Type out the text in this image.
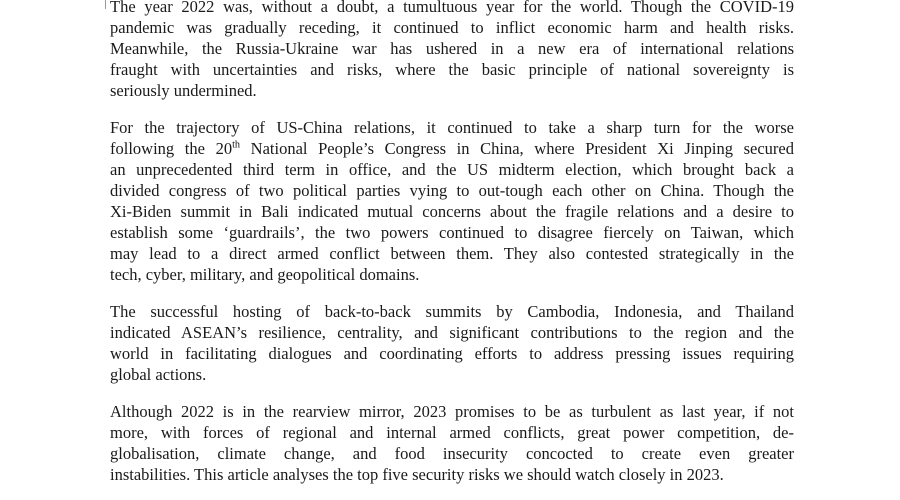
The year 2022 was, without a doubt, a tumultuous year for the world. Though the COVID-19
pandemic was gradually receding, it continued to inflict economic harm and health risks.
Meanwhile, the Russia-Ukraine war has ushered in a new era of international relations
fraught with uncertainties and risks, where the basic principle of national sovereignty is
seriously undermined.
For the trajectory of US-China relations, it continued to take a sharp turn for the worse
following the 20th National People’s Congress in China, where President Xi Jinping secured
an unprecedented third term in office, and the US midterm election, which brought back a
divided congress of two political parties vying to out-tough each other on China. Though the
Xi-Biden summit in Bali indicated mutual concerns about the fragile relations and a desire to
establish some ‘guardrails’, the two powers continued to disagree fiercely on Taiwan, which
may lead to a direct armed conflict between them. They also contested strategically in the
tech, cyber, military, and geopolitical domains.
The successful hosting of back-to-back summits by Cambodia, Indonesia, and Thailand
indicated ASEAN’s resilience, centrality, and significant contributions to the region and the
world in facilitating dialogues and coordinating efforts to address pressing issues requiring
global actions.
Although 2022 is in the rearview mirror, 2023 promises to be as turbulent as last year, if not
more, with forces of regional and internal armed conflicts, great power competition, de-
globalisation, climate change, and food insecurity concocted to create even greater
instabilities. This article analyses the top five security risks we should watch closely in 2023.
